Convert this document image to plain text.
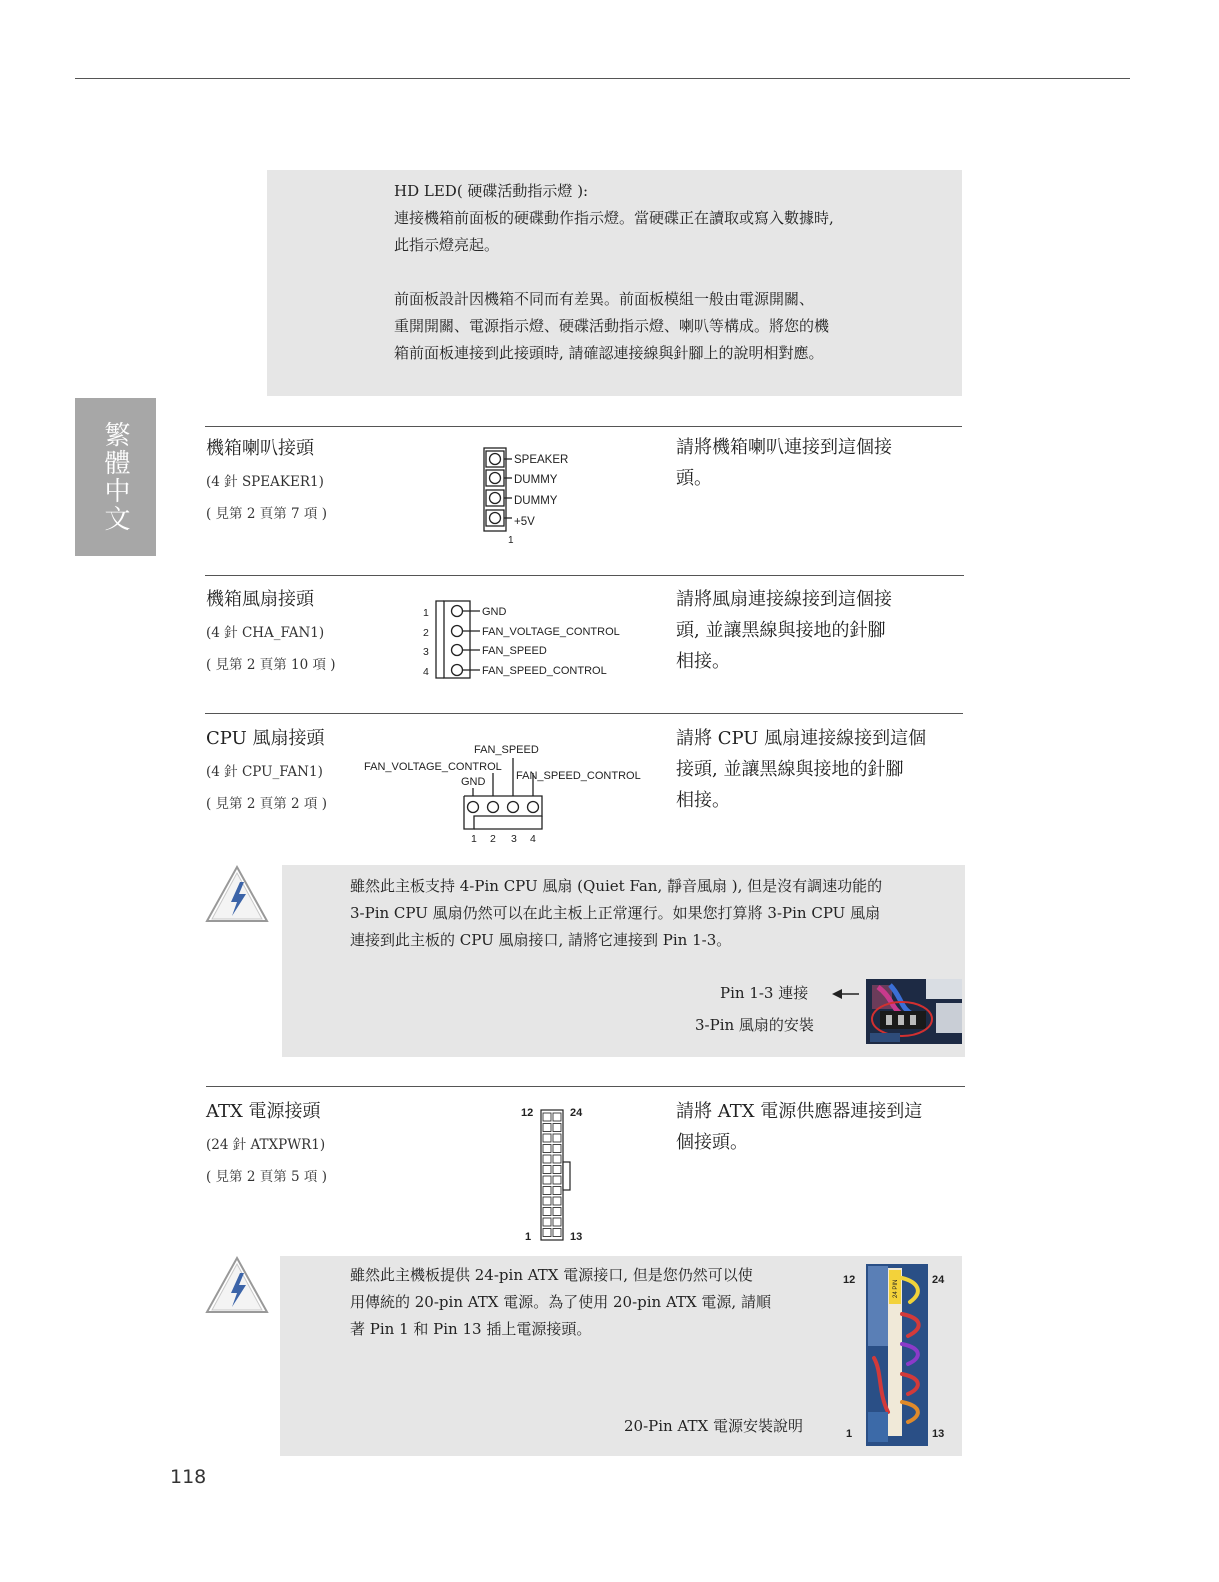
繁體中文
HD LED( 硬碟活動指示燈 ):
連接機箱前面板的硬碟動作指示燈。當硬碟正在讀取或寫入數據時,
此指示燈亮起。
前面板設計因機箱不同而有差異。前面板模組一般由電源開關、
重開開關、電源指示燈、硬碟活動指示燈、喇叭等構成。將您的機
箱前面板連接到此接頭時, 請確認連接線與針腳上的說明相對應。
機箱喇叭接頭
(4 針 SPEAKER1)
( 見第 2 頁第 7 項 )
SPEAKER
DUMMY
DUMMY
+5V
1
請將機箱喇叭連接到這個接
頭。
機箱風扇接頭
(4 針 CHA_FAN1)
( 見第 2 頁第 10 項 )
1
2
3
4
GND
FAN_VOLTAGE_CONTROL
FAN_SPEED
FAN_SPEED_CONTROL
請將風扇連接線接到這個接
頭, 並讓黑線與接地的針腳
相接。
CPU 風扇接頭
(4 針 CPU_FAN1)
( 見第 2 頁第 2 項 )
FAN_SPEED
FAN_VOLTAGE_CONTROL
GND	FAN_SPEED_CONTROL
1 2 3 4
請將 CPU 風扇連接線接到這個
接頭, 並讓黑線與接地的針腳
相接。
雖然此主板支持 4-Pin CPU 風扇 (Quiet Fan, 靜音風扇 ), 但是沒有調速功能的
3-Pin CPU 風扇仍然可以在此主板上正常運行。如果您打算將 3-Pin CPU 風扇
連接到此主板的 CPU 風扇接口, 請將它連接到 Pin 1-3。
Pin 1-3 連接
3-Pin 風扇的安裝
ATX 電源接頭
(24 針 ATXPWR1)
( 見第 2 頁第 5 項 )
12	24
1	13
請將 ATX 電源供應器連接到這
個接頭。
雖然此主機板提供 24-pin ATX 電源接口, 但是您仍然可以使
用傳統的 20-pin ATX 電源。為了使用 20-pin ATX 電源, 請順
著 Pin 1 和 Pin 13 插上電源接頭。
20-Pin ATX 電源安裝說明
12	24
1	13
24 PIN
118
